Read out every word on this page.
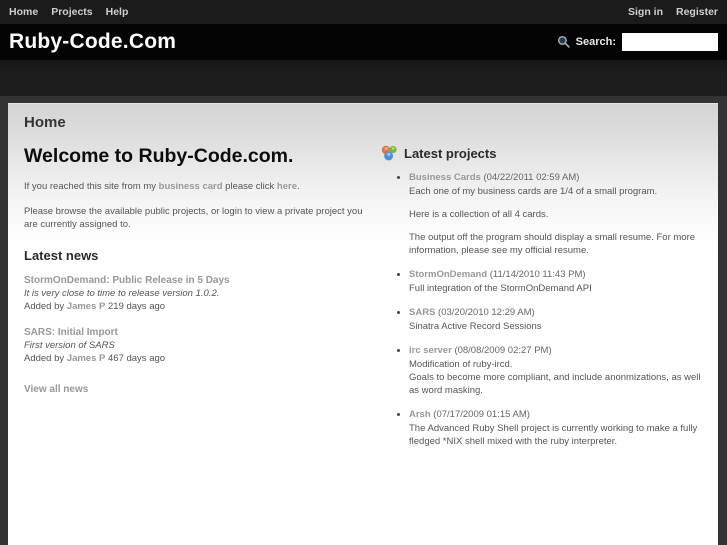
Home Projects Help	Sign in Register
Ruby-Code.Com	Search:
Home
Welcome to Ruby-Code.com.

If you reached this site from my business card please click here.

Please browse the available public projects, or login to view a private project you are currently assigned to.

Latest news
StormOnDemand: Public Release in 5 Days
It is very close to time to release version 1.0.2.
Added by James P 219 days ago
SARS: Initial Import
First version of SARS
Added by James P 467 days ago
View all news
Latest projects
• Business Cards (04/22/2011 02:59 AM)

Each one of my business cards are 1/4 of a small program.

Here is a collection of all 4 cards.

The output off the program should display a small resume. For more information, please see my official resume.

• StormOnDemand (11/14/2010 11:43 PM)
Full integration of the StormOnDemand API
• SARS (03/20/2010 12:29 AM)
Sinatra Active Record Sessions
• irc server (08/08/2009 02:27 PM)
Modification of ruby-ircd.
Goals to become more compliant, and include anonmizations, as well as word masking.
• Arsh (07/17/2009 01:15 AM)
The Advanced Ruby Shell project is currently working to make a fully fledged *NIX shell mixed with the ruby interpreter.
